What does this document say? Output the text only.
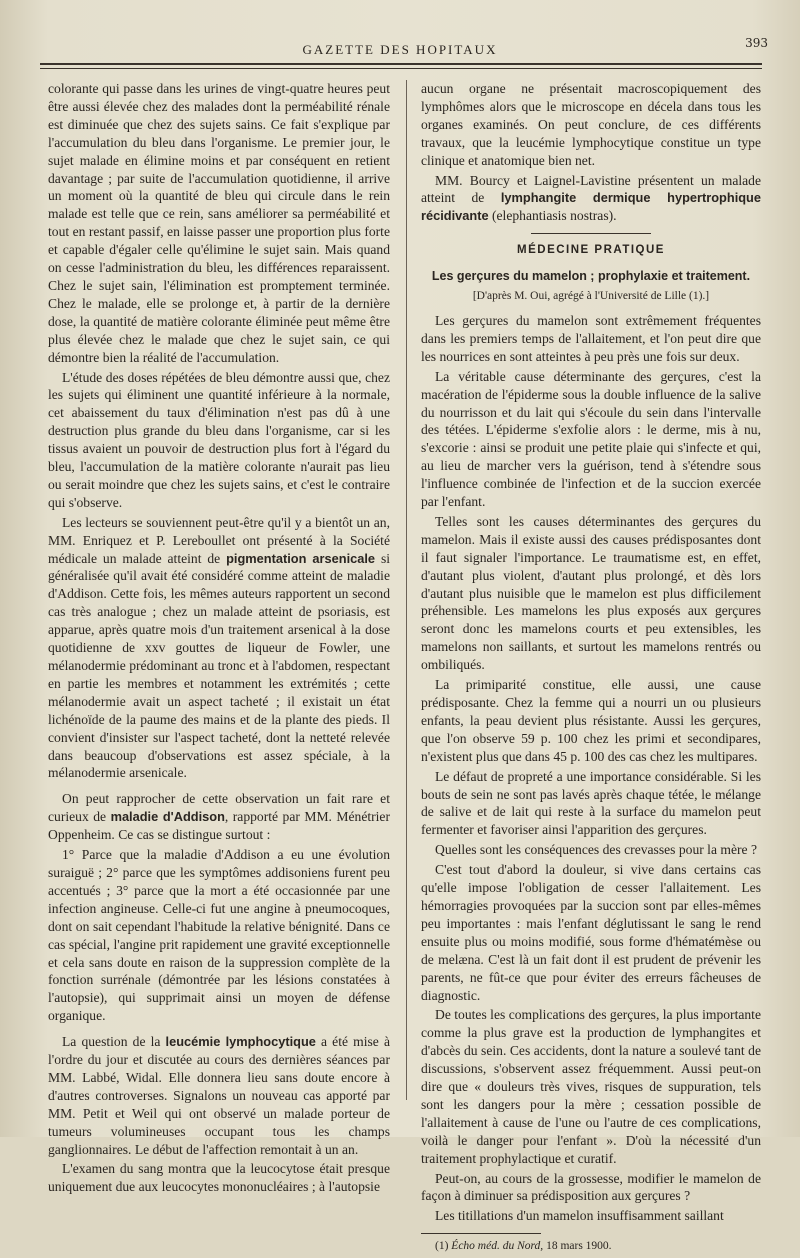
GAZETTE DES HOPITAUX	393

colorante qui passe dans les urines de vingt-quatre heures peut être aussi élevée chez des malades dont la perméabilité rénale est diminuée que chez des sujets sains. Ce fait s'explique par l'accumulation du bleu dans l'organisme. Le premier jour, le sujet malade en élimine moins et par conséquent en retient davantage ; par suite de l'accumulation quotidienne, il arrive un moment où la quantité de bleu qui circule dans le rein malade est telle que ce rein, sans améliorer sa perméabilité et tout en restant passif, en laisse passer une proportion plus forte et capable d'égaler celle qu'élimine le sujet sain. Mais quand on cesse l'administration du bleu, les différences reparaissent. Chez le sujet sain, l'élimination est promptement terminée. Chez le malade, elle se prolonge et, à partir de la dernière dose, la quantité de matière colorante éliminée peut même être plus élevée chez le malade que chez le sujet sain, ce qui démontre bien la réalité de l'accumulation.

L'étude des doses répétées de bleu démontre aussi que, chez les sujets qui éliminent une quantité inférieure à la normale, cet abaissement du taux d'élimination n'est pas dû à une destruction plus grande du bleu dans l'organisme, car si les tissus avaient un pouvoir de destruction plus fort à l'égard du bleu, l'accumulation de la matière colorante n'aurait pas lieu ou serait moindre que chez les sujets sains, et c'est le contraire qui s'observe.

Les lecteurs se souviennent peut-être qu'il y a bientôt un an, MM. Enriquez et P. Lereboullet ont présenté à la Société médicale un malade atteint de pigmentation arsenicale si généralisée qu'il avait été considéré comme atteint de maladie d'Addison. Cette fois, les mêmes auteurs rapportent un second cas très analogue ; chez un malade atteint de psoriasis, est apparue, après quatre mois d'un traitement arsenical à la dose quotidienne de xxv gouttes de liqueur de Fowler, une mélanodermie prédominant au tronc et à l'abdomen, respectant en partie les membres et notamment les extrémités ; cette mélanodermie avait un aspect tacheté ; il existait un état lichénoïde de la paume des mains et de la plante des pieds. Il convient d'insister sur l'aspect tacheté, dont la netteté relevée dans beaucoup d'observations est assez spéciale, à la mélanodermie arsenicale.

On peut rapprocher de cette observation un fait rare et curieux de maladie d'Addison, rapporté par MM. Ménétrier Oppenheim. Ce cas se distingue surtout :

1° Parce que la maladie d'Addison a eu une évolution suraiguë ; 2° parce que les symptômes addisoniens furent peu accentués ; 3° parce que la mort a été occasionnée par une infection angineuse. Celle-ci fut une angine à pneumocoques, dont on sait cependant l'habitude la relative bénignité. Dans ce cas spécial, l'angine prit rapidement une gravité exceptionnelle et cela sans doute en raison de la suppression complète de la fonction surrénale (démontrée par les lésions constatées à l'autopsie), qui supprimait ainsi un moyen de défense organique.

La question de la leucémie lymphocytique a été mise à l'ordre du jour et discutée au cours des dernières séances par MM. Labbé, Widal. Elle donnera lieu sans doute encore à d'autres controverses. Signalons un nouveau cas apporté par MM. Petit et Weil qui ont observé un malade porteur de tumeurs volumineuses occupant tous les champs ganglionnaires. Le début de l'affection remontait à un an.

L'examen du sang montra que la leucocytose était presque uniquement due aux leucocytes mononucléaires ; à l'autopsie

aucun organe ne présentait macroscopiquement des lymphômes alors que le microscope en décela dans tous les organes examinés. On peut conclure, de ces différents travaux, que la leucémie lymphocytique constitue un type clinique et anatomique bien net.

MM. Bourcy et Laignel-Lavistine présentent un malade atteint de lymphangite dermique hypertrophique récidivante (elephantiasis nostras).

MÉDECINE PRATIQUE
Les gerçures du mamelon ; prophylaxie et traitement.
[D'après M. Oui, agrégé à l'Université de Lille (1).]

Les gerçures du mamelon sont extrêmement fréquentes dans les premiers temps de l'allaitement, et l'on peut dire que les nourrices en sont atteintes à peu près une fois sur deux.

La véritable cause déterminante des gerçures, c'est la macération de l'épiderme sous la double influence de la salive du nourrisson et du lait qui s'écoule du sein dans l'intervalle des tétées. L'épiderme s'exfolie alors : le derme, mis à nu, s'excorie : ainsi se produit une petite plaie qui s'infecte et qui, au lieu de marcher vers la guérison, tend à s'étendre sous l'influence combinée de l'infection et de la succion exercée par l'enfant.

Telles sont les causes déterminantes des gerçures du mamelon. Mais il existe aussi des causes prédisposantes dont il faut signaler l'importance. Le traumatisme est, en effet, d'autant plus violent, d'autant plus prolongé, et dès lors d'autant plus nuisible que le mamelon est plus difficilement préhensible. Les mamelons les plus exposés aux gerçures seront donc les mamelons courts et peu extensibles, les mamelons non saillants, et surtout les mamelons rentrés ou ombiliqués.

La primiparité constitue, elle aussi, une cause prédisposante. Chez la femme qui a nourri un ou plusieurs enfants, la peau devient plus résistante. Aussi les gerçures, que l'on observe 59 p. 100 chez les primi et secondipares, n'existent plus que dans 45 p. 100 des cas chez les multipares.

Le défaut de propreté a une importance considérable. Si les bouts de sein ne sont pas lavés après chaque tétée, le mélange de salive et de lait qui reste à la surface du mamelon peut fermenter et favoriser ainsi l'apparition des gerçures.

Quelles sont les conséquences des crevasses pour la mère ?

C'est tout d'abord la douleur, si vive dans certains cas qu'elle impose l'obligation de cesser l'allaitement. Les hémorragies provoquées par la succion sont par elles-mêmes peu importantes : mais l'enfant déglutissant le sang le rend ensuite plus ou moins modifié, sous forme d'hématémèse ou de melæna. C'est là un fait dont il est prudent de prévenir les parents, ne fût-ce que pour éviter des erreurs fâcheuses de diagnostic.

De toutes les complications des gerçures, la plus importante comme la plus grave est la production de lymphangites et d'abcès du sein. Ces accidents, dont la nature a soulevé tant de discussions, s'observent assez fréquemment. Aussi peut-on dire que « douleurs très vives, risques de suppuration, tels sont les dangers pour la mère ; cessation possible de l'allaitement à cause de l'une ou l'autre de ces complications, voilà le danger pour l'enfant ». D'où la nécessité d'un traitement prophylactique et curatif.

Peut-on, au cours de la grossesse, modifier le mamelon de façon à diminuer sa prédisposition aux gerçures ?

Les titillations d'un mamelon insuffisamment saillant

(1) Écho méd. du Nord, 18 mars 1900.
